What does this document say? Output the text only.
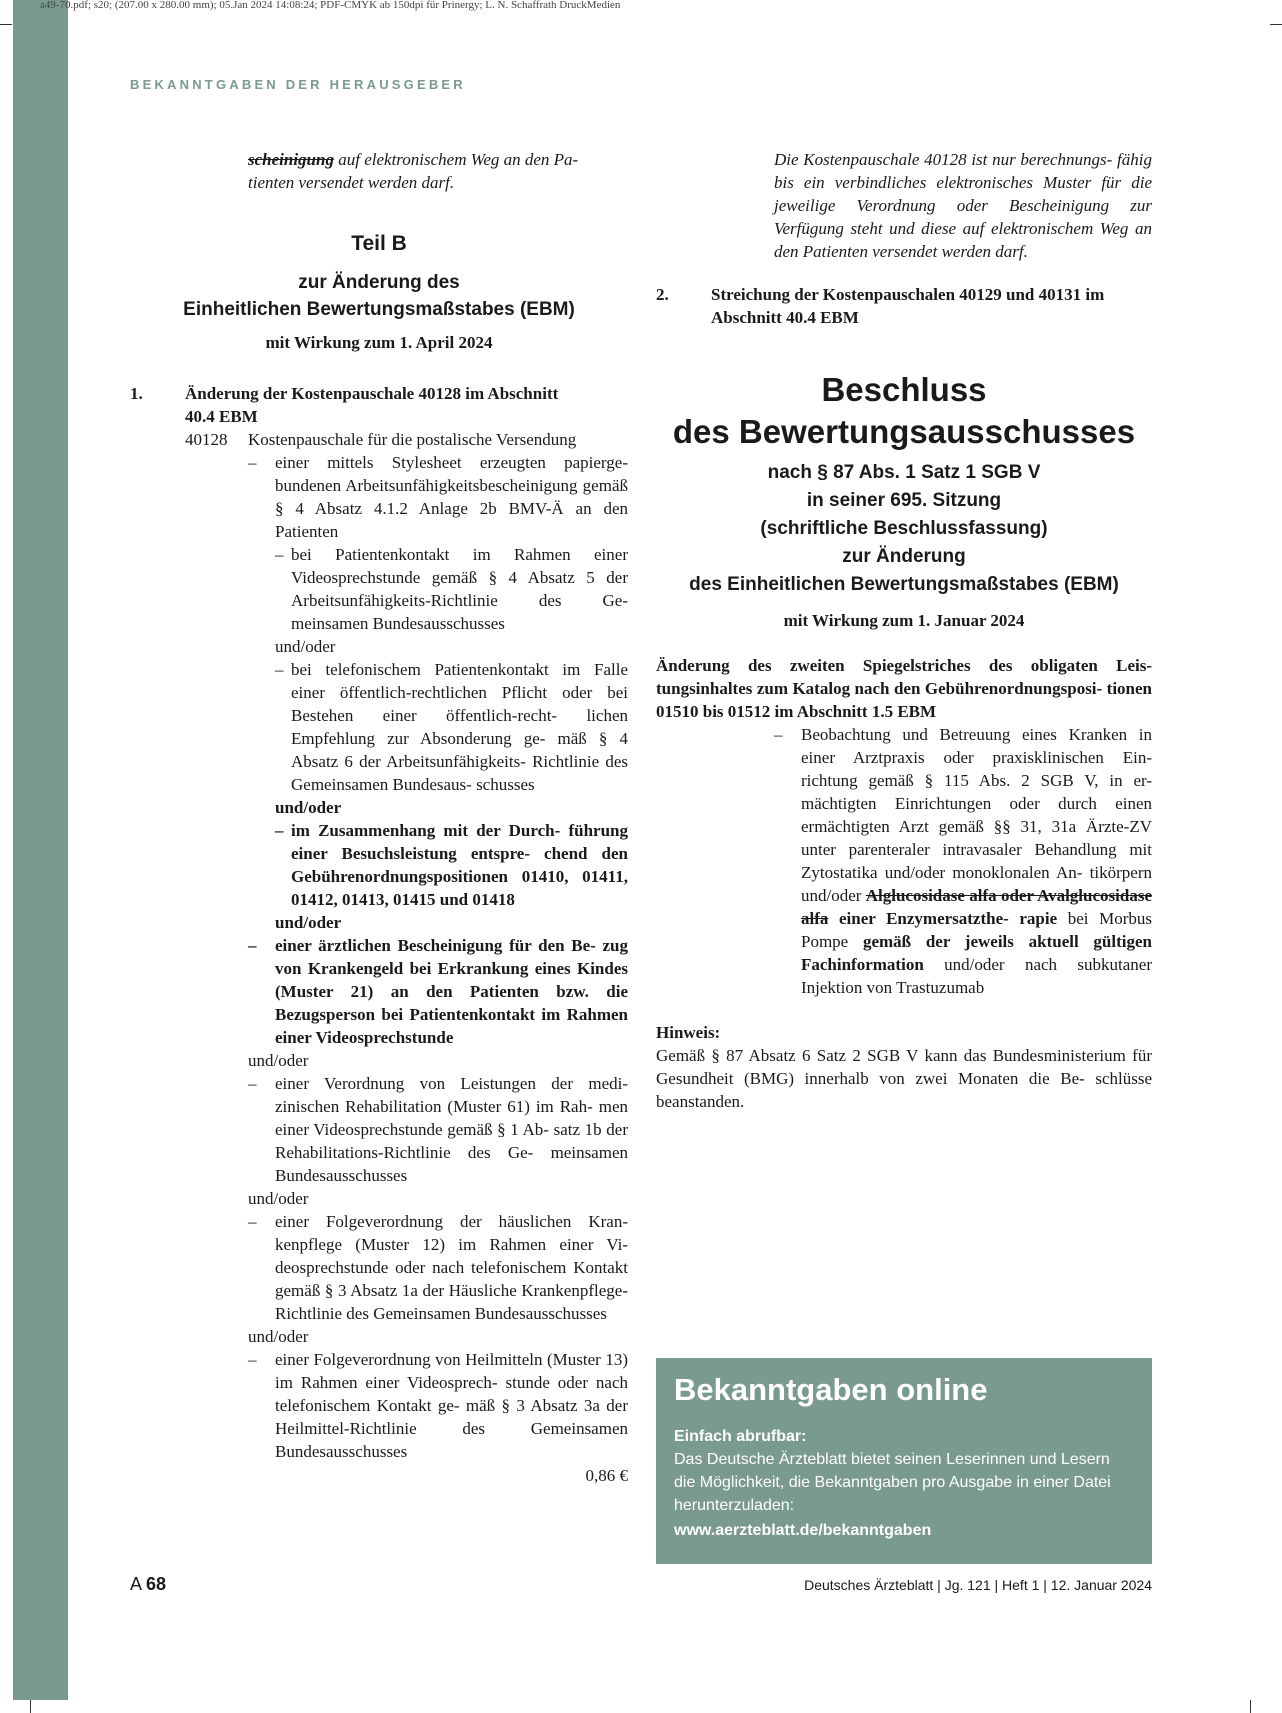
a49-70.pdf; s20; (207.00 x 280.00 mm); 05.Jan 2024 14:08:24; PDF-CMYK ab 150dpi für Prinergy; L. N. Schaffrath DruckMedien
BEKANNTGABEN DER HERAUSGEBER
scheinigung auf elektronischem Weg an den Pa-
tienten versendet werden darf.
Teil B
zur Änderung des
Einheitlichen Bewertungsmaßstabes (EBM)
mit Wirkung zum 1. April 2024
1.	Änderung der Kostenpauschale 40128 im Abschnitt
40.4 EBM
40128	Kostenpauschale für die postalische Versendung
–	einer mittels Stylesheet erzeugten papierge- bundenen Arbeitsunfähigkeitsbescheinigung gemäß § 4 Absatz 4.1.2 Anlage 2b BMV-Ä an den Patienten
– bei Patientenkontakt im Rahmen einer Videosprechstunde gemäß § 4 Absatz 5 der Arbeitsunfähigkeits-Richtlinie des Ge- meinsamen Bundesausschusses
und/oder
– bei telefonischem Patientenkontakt im Falle einer öffentlich-rechtlichen Pflicht oder bei Bestehen einer öffentlich-recht- lichen Empfehlung zur Absonderung ge- mäß § 4 Absatz 6 der Arbeitsunfähigkeits- Richtlinie des Gemeinsamen Bundesaus- schusses
und/oder
– im Zusammenhang mit der Durch- führung einer Besuchsleistung entspre- chend den Gebührenordnungspositionen 01410, 01411, 01412, 01413, 01415 und 01418
und/oder
–	einer ärztlichen Bescheinigung für den Be- zug von Krankengeld bei Erkrankung eines Kindes (Muster 21) an den Patienten bzw. die Bezugsperson bei Patientenkontakt im Rahmen einer Videosprechstunde
und/oder
–	einer Verordnung von Leistungen der medi- zinischen Rehabilitation (Muster 61) im Rah- men einer Videosprechstunde gemäß § 1 Ab- satz 1b der Rehabilitations-Richtlinie des Ge- meinsamen Bundesausschusses
und/oder
–	einer Folgeverordnung der häuslichen Kran- kenpflege (Muster 12) im Rahmen einer Vi- deosprechstunde oder nach telefonischem Kontakt gemäß § 3 Absatz 1a der Häusliche Krankenpflege-Richtlinie des Gemeinsamen Bundesausschusses
und/oder
–	einer Folgeverordnung von Heilmitteln (Muster 13) im Rahmen einer Videosprech- stunde oder nach telefonischem Kontakt ge- mäß § 3 Absatz 3a der Heilmittel-Richtlinie des Gemeinsamen Bundesausschusses
0,86 €
Die Kostenpauschale 40128 ist nur berechnungs- fähig bis ein verbindliches elektronisches Muster für die jeweilige Verordnung oder Bescheinigung zur Verfügung steht und diese auf elektronischem Weg an den Patienten versendet werden darf.
2.	Streichung der Kostenpauschalen 40129 und 40131 im Abschnitt 40.4 EBM
Beschluss
des Bewertungsausschusses
nach § 87 Abs. 1 Satz 1 SGB V
in seiner 695. Sitzung
(schriftliche Beschlussfassung)
zur Änderung
des Einheitlichen Bewertungsmaßstabes (EBM)
mit Wirkung zum 1. Januar 2024
Änderung des zweiten Spiegelstriches des obligaten Leis- tungsinhaltes zum Katalog nach den Gebührenordnungsposi- tionen 01510 bis 01512 im Abschnitt 1.5 EBM
–	Beobachtung und Betreuung eines Kranken in einer Arztpraxis oder praxisklinischen Ein- richtung gemäß § 115 Abs. 2 SGB V, in er- mächtigten Einrichtungen oder durch einen ermächtigten Arzt gemäß §§ 31, 31a Ärzte-ZV unter parenteraler intravasaler Behandlung mit Zytostatika und/oder monoklonalen An- tikörpern und/oder Alglucosidase alfa oder Avalglucosidase alfa einer Enzymersatzthe- rapie bei Morbus Pompe gemäß der jeweils aktuell gültigen Fachinformation und/oder nach subkutaner Injektion von Trastuzumab
Hinweis:
Gemäß § 87 Absatz 6 Satz 2 SGB V kann das Bundesministerium für Gesundheit (BMG) innerhalb von zwei Monaten die Be- schlüsse beanstanden.
Bekanntgaben online
Einfach abrufbar:
Das Deutsche Ärzteblatt bietet seinen Leserinnen und Lesern die Möglichkeit, die Bekanntgaben pro Ausgabe in einer Datei herunterzuladen:
www.aerzteblatt.de/bekanntgaben
A 68	Deutsches Ärzteblatt | Jg. 121 | Heft 1 | 12. Januar 2024
